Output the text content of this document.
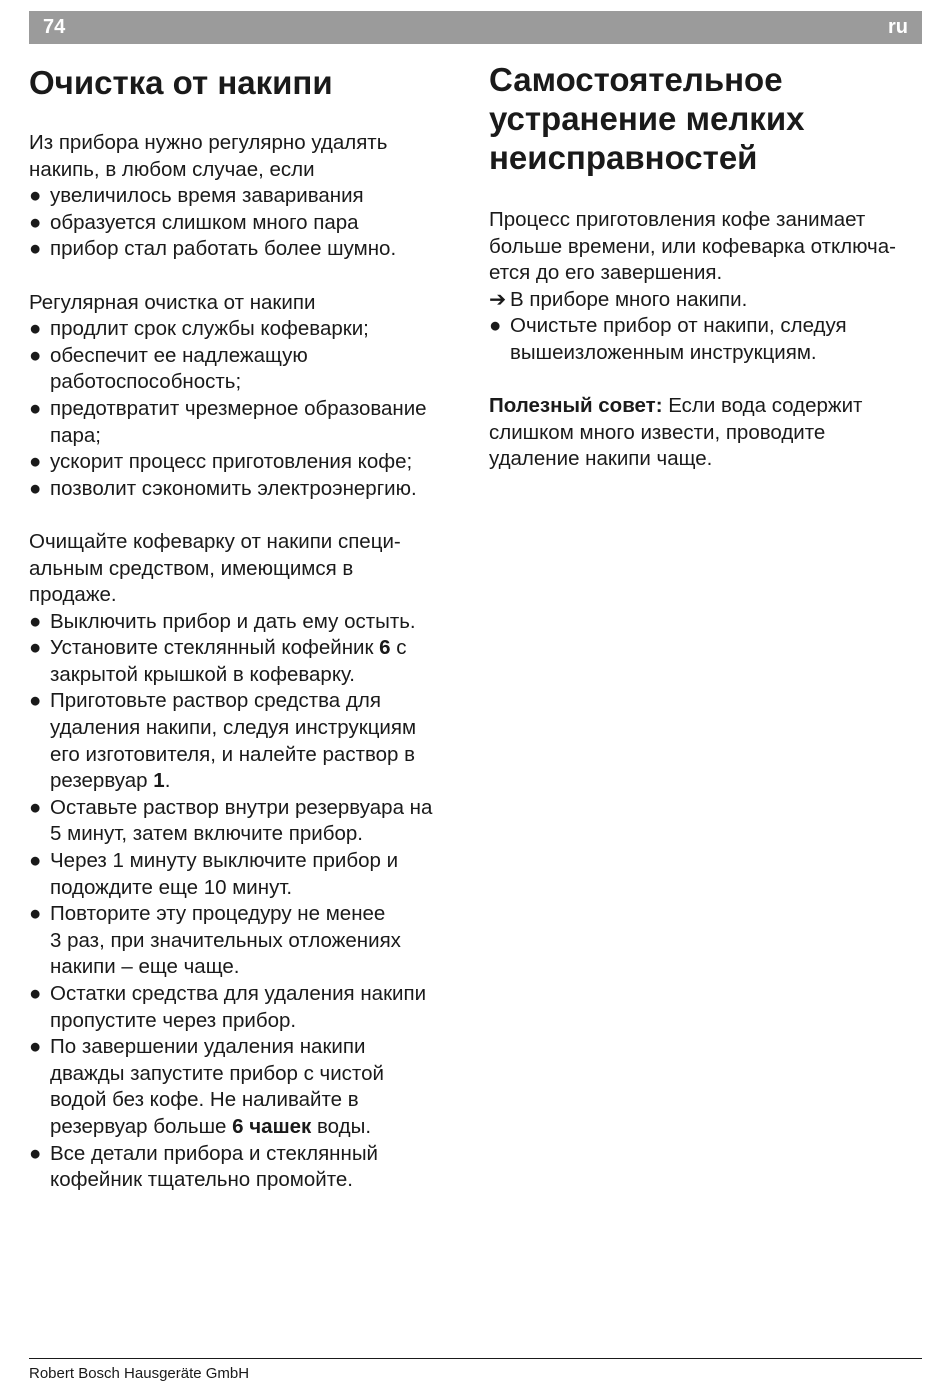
74	ru
Очистка от накипи

Из прибора нужно регулярно удалять
накипь, в любом случае, если

● увеличилось время заваривания
● образуется слишком много пара
● прибор стал работать более шумно.

Регулярная очистка от накипи

● продлит срок службы кофеварки;
● обеспечит ее надлежащую
работоспособность;
● предотвратит чрезмерное образование
пара;
● ускорит процесс приготовления кофе;
● позволит сэкономить электроэнергию.

Очищайте кофеварку от накипи специ-
альным средством, имеющимся в
продаже.

● Выключить прибор и дать ему остыть.
● Установите стеклянный кофейник 6 с
закрытой крышкой в кофеварку.
● Приготовьте раствор средства для
удаления накипи, следуя инструкциям
его изготовителя, и налейте раствор в
резервуар 1.
● Оставьте раствор внутри резервуара на
5 минут, затем включите прибор.
● Через 1 минуту выключите прибор и
подождите еще 10 минут.
● Повторите эту процедуру не менее
3 раз, при значительных отложениях
накипи – еще чаще.
● Остатки средства для удаления накипи
пропустите через прибор.
● По завершении удаления накипи
дважды запустите прибор с чистой
водой без кофе. Не наливайте в
резервуар больше 6 чашек воды.
● Все детали прибора и стеклянный
кофейник тщательно промойте.
Самостоятельное
устранение мелких
неисправностей

Процесс приготовления кофе занимает
больше времени, или кофеварка отключа-
ется до его завершения.

➔ В приборе много накипи.
● Очистьте прибор от накипи, следуя
вышеизложенным инструкциям.

Полезный совет: Если вода содержит
слишком много извести, проводите
удаление накипи чаще.

Robert Bosch Hausgeräte GmbH
